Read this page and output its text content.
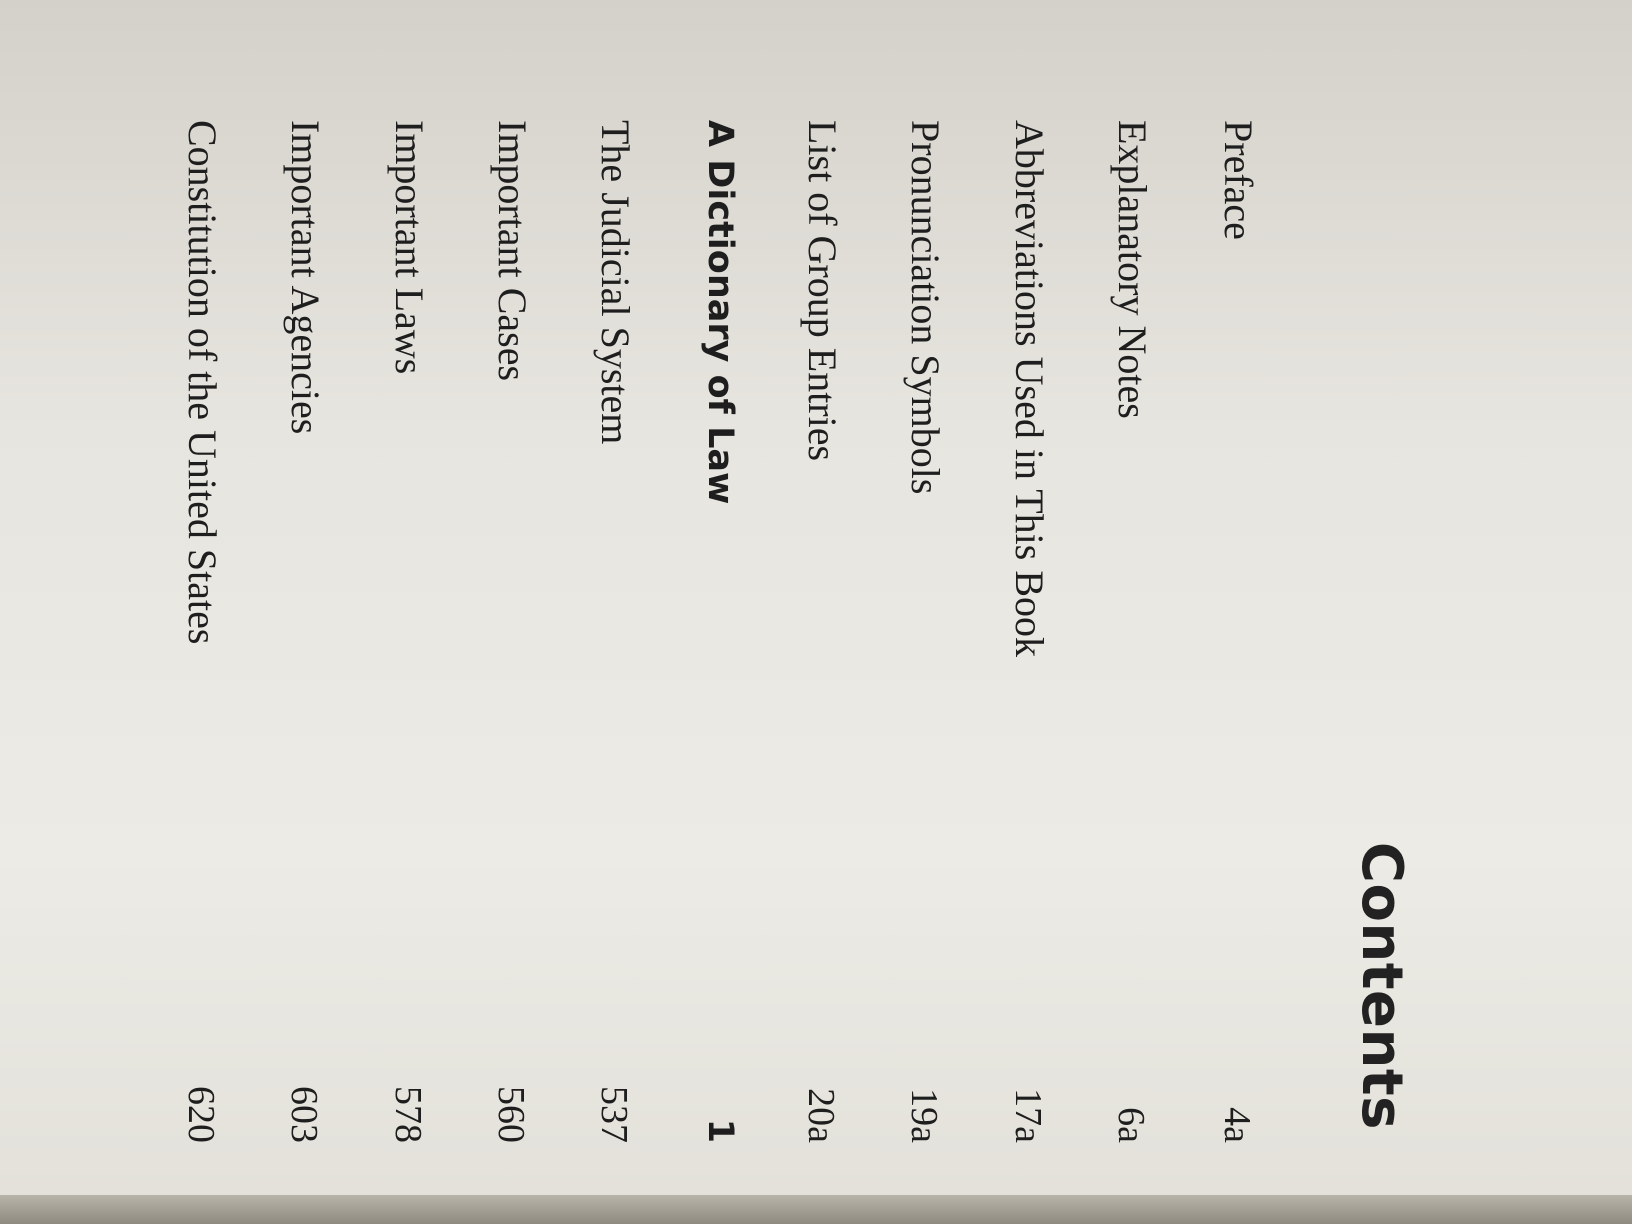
Contents
Preface
4a
Explanatory Notes
6a
Abbreviations Used in This Book
17a
Pronunciation Symbols
19a
List of Group Entries
20a
A Dictionary of Law
1
The Judicial System
537
Important Cases
560
Important Laws
578
Important Agencies
603
Constitution of the United States
620
